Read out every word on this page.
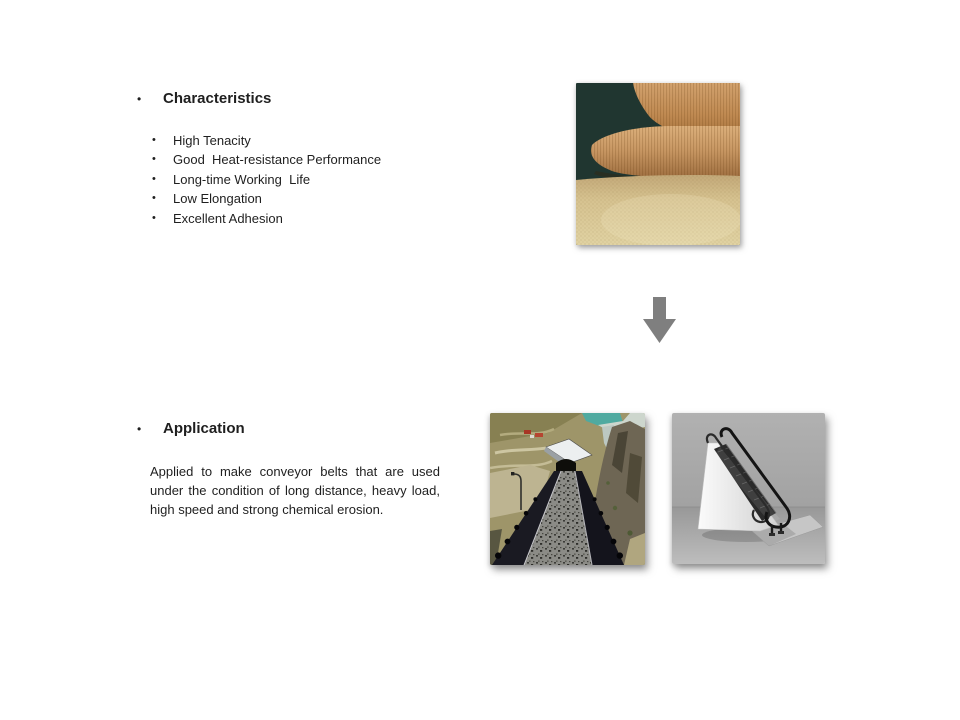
•	Characteristics
•	High Tenacity
•	Good  Heat-resistance Performance
•	Long-time Working  Life
•	Low Elongation
•	Excellent Adhesion
•	Application

Applied to make conveyor belts that are used under the condition of long distance, heavy load, high speed and strong chemical erosion.
